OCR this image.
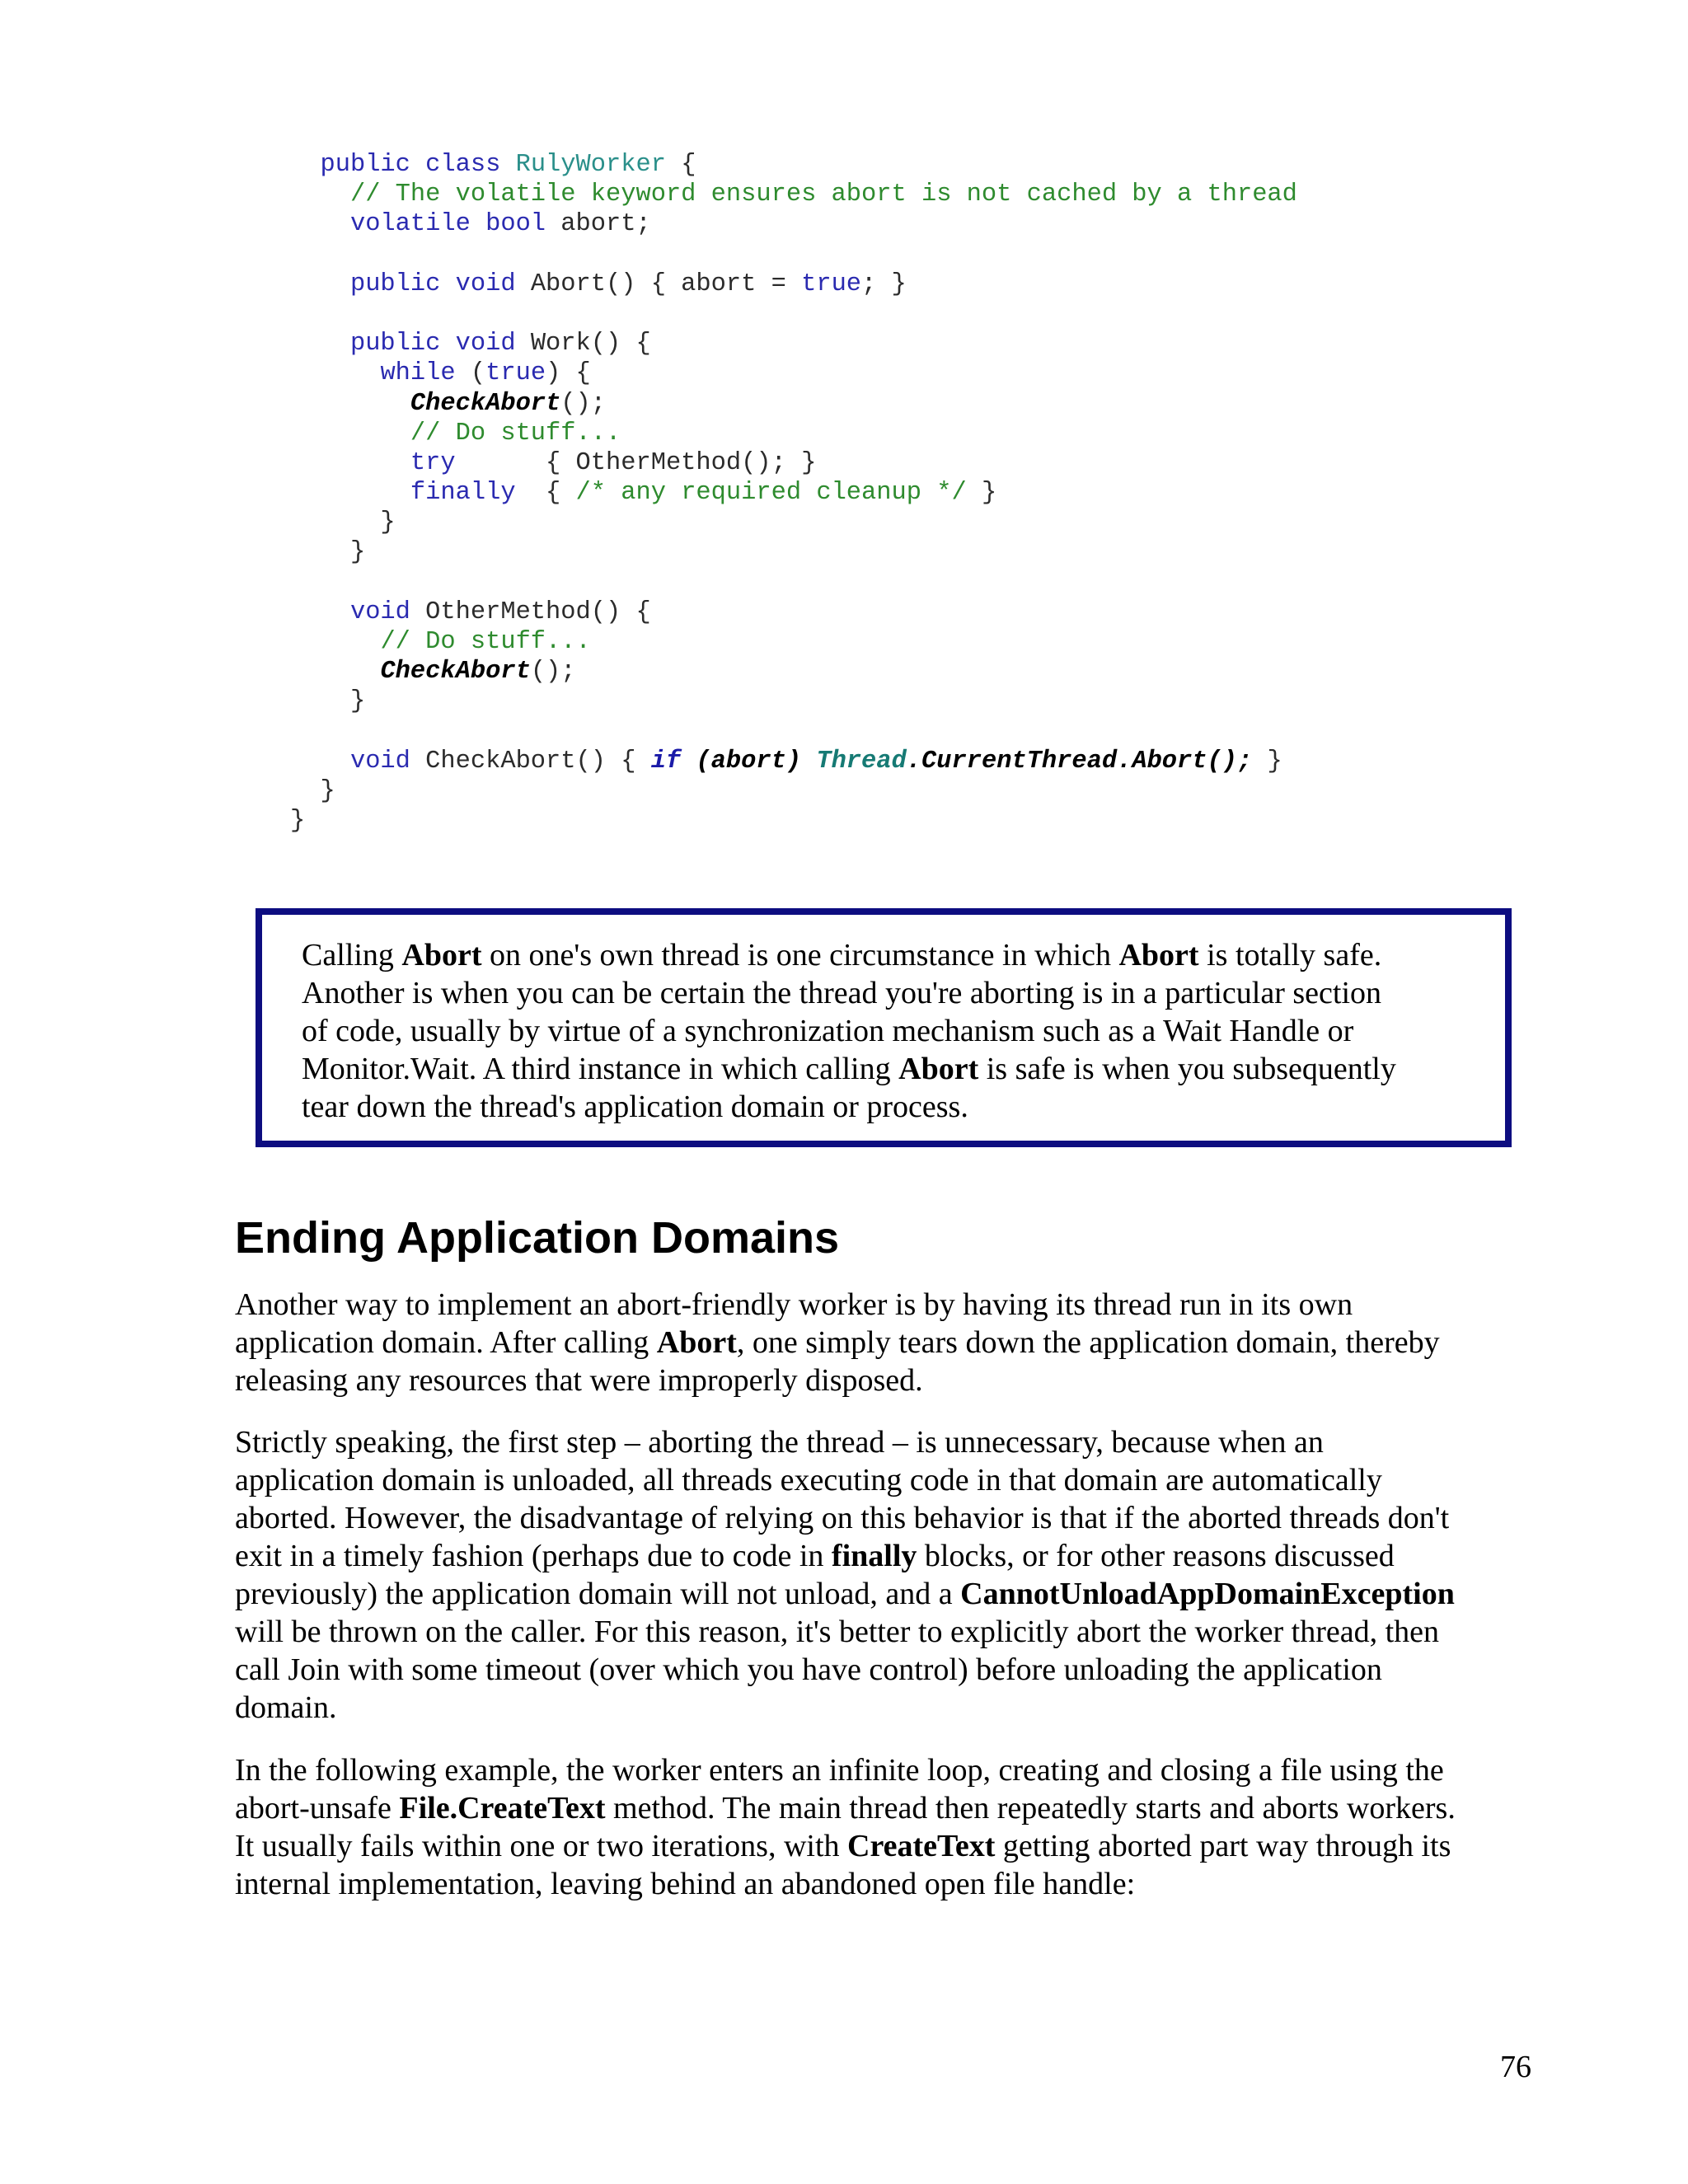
public class RulyWorker {
// The volatile keyword ensures abort is not cached by a thread
volatile bool abort;
public void Abort() { abort = true; }
public void Work() {
while (true) {
CheckAbort();
// Do stuff...
try      { OtherMethod(); }
finally  { /* any required cleanup */ }
}
}
void OtherMethod() {
// Do stuff...
CheckAbort();
}
void CheckAbort() { if (abort) Thread.CurrentThread.Abort(); }
}
}
Calling Abort on one's own thread is one circumstance in which Abort is totally safe.
Another is when you can be certain the thread you're aborting is in a particular section
of code, usually by virtue of a synchronization mechanism such as a Wait Handle or
Monitor.Wait. A third instance in which calling Abort is safe is when you subsequently
tear down the thread's application domain or process.
Ending Application Domains

Another way to implement an abort-friendly worker is by having its thread run in its own
application domain. After calling Abort, one simply tears down the application domain, thereby
releasing any resources that were improperly disposed.

Strictly speaking, the first step – aborting the thread – is unnecessary, because when an
application domain is unloaded, all threads executing code in that domain are automatically
aborted. However, the disadvantage of relying on this behavior is that if the aborted threads don't
exit in a timely fashion (perhaps due to code in finally blocks, or for other reasons discussed
previously) the application domain will not unload, and a CannotUnloadAppDomainException
will be thrown on the caller. For this reason, it's better to explicitly abort the worker thread, then
call Join with some timeout (over which you have control) before unloading the application
domain.

In the following example, the worker enters an infinite loop, creating and closing a file using the
abort-unsafe File.CreateText method. The main thread then repeatedly starts and aborts workers.
It usually fails within one or two iterations, with CreateText getting aborted part way through its
internal implementation, leaving behind an abandoned open file handle:

76
